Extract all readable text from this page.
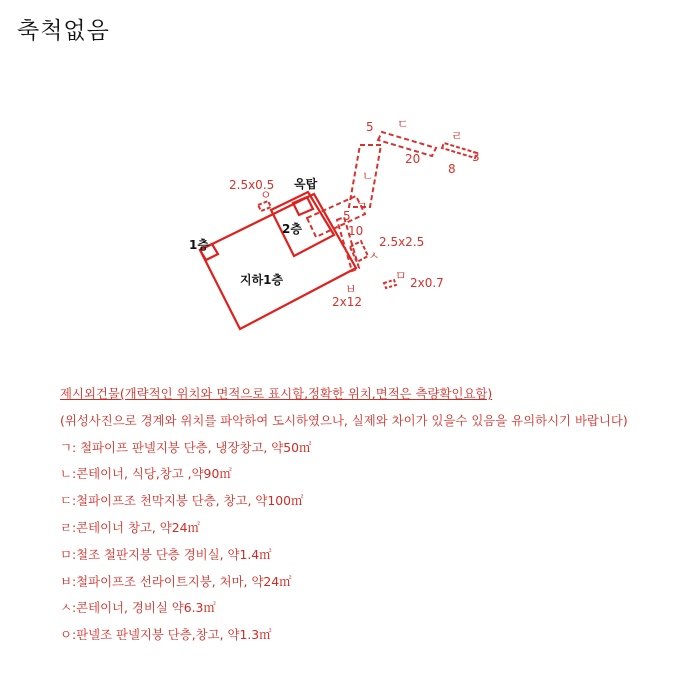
축척없음
지하1층
1층
2층
옥탑
2.5x0.5
ㅇ
ㄱ
5
10
5
ㄴ
ㄷ
20
ㄹ
8
3
2.5x2.5
ㅅ
ㅂ
2x12
ㅁ 2x0.7
제시외건물(개략적인 위치와 면적으로 표시함,정확한 위치,면적은 측량확인요함)
(위성사진으로 경계와 위치를 파악하여 도시하였으나, 실제와 차이가 있을수 있음을 유의하시기 바랍니다)
ㄱ: 철파이프 판넬지붕 단층, 냉장창고, 약50㎡
ㄴ:콘테이너, 식당,창고 ,약90㎡
ㄷ:철파이프조 천막지붕 단층, 창고, 약100㎡
ㄹ:콘테이너 창고, 약24㎡
ㅁ:철조 철판지붕 단층 경비실, 약1.4㎡
ㅂ:철파이프조 선라이트지붕, 처마, 약24㎡
ㅅ:콘테이너, 경비실 약6.3㎡
ㅇ:판넬조 판넬지붕 단층,창고, 약1.3㎡
